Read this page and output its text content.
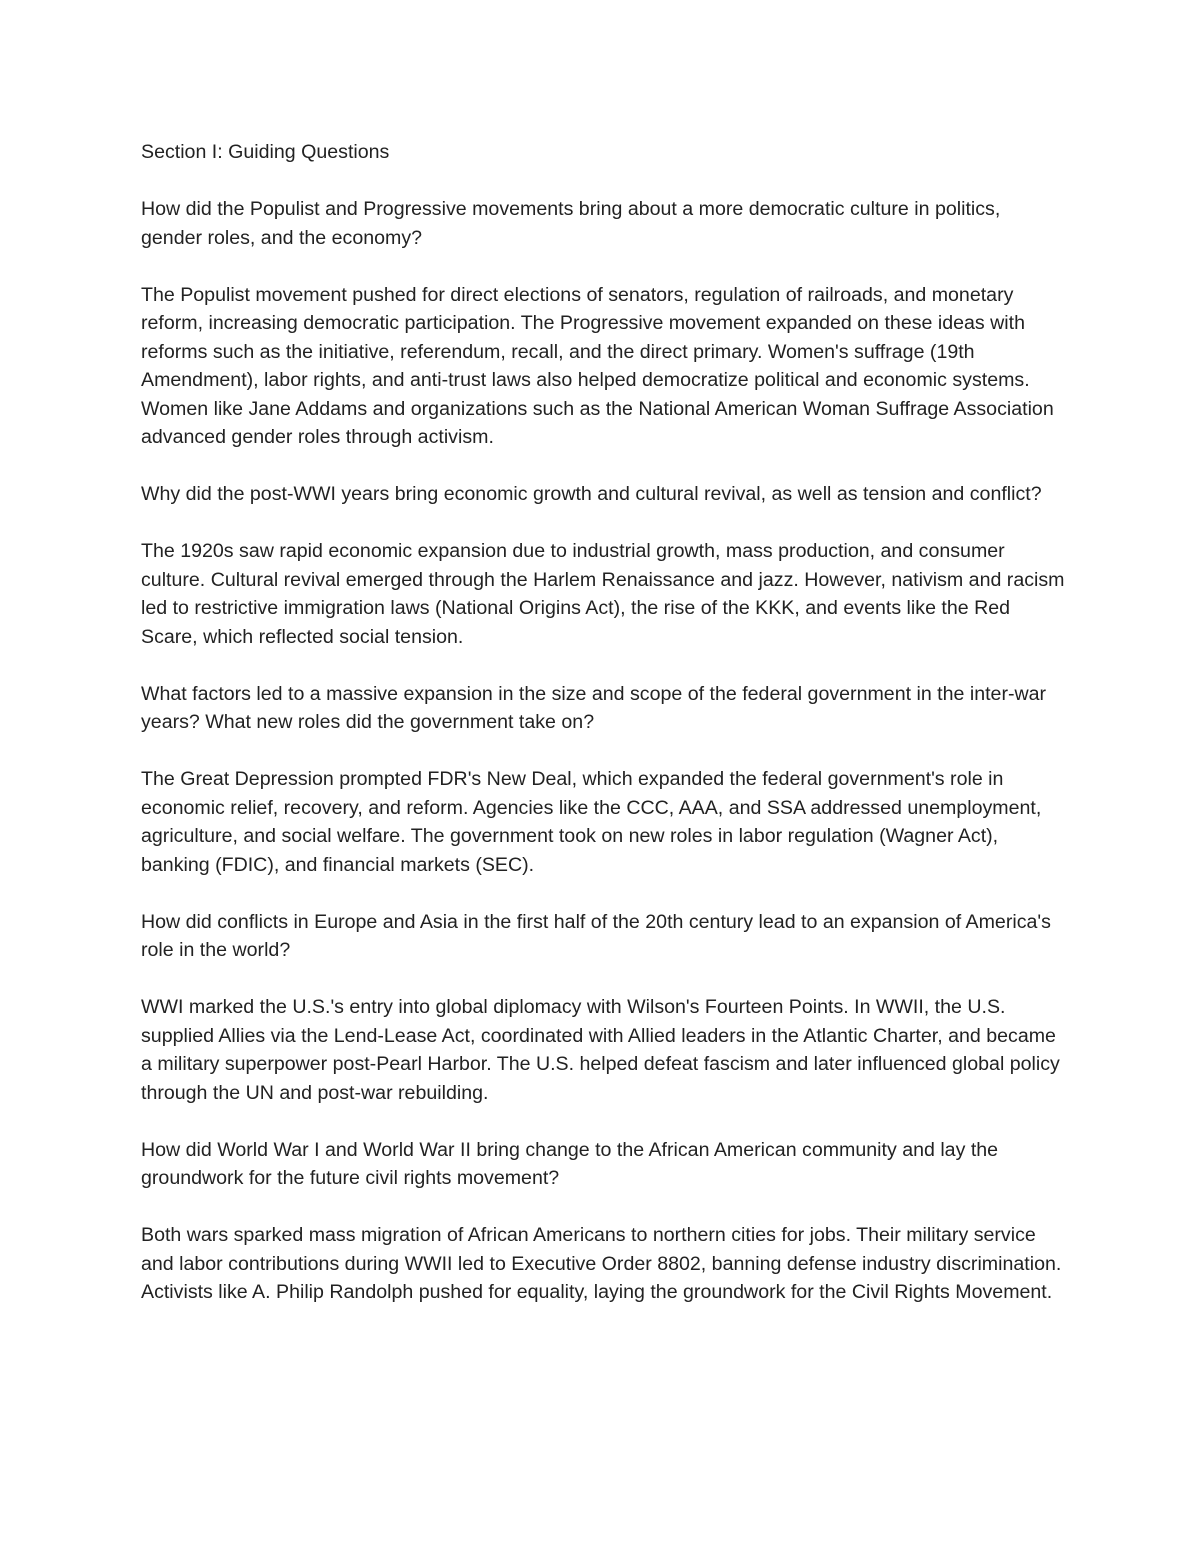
Section I: Guiding Questions

How did the Populist and Progressive movements bring about a more democratic culture in politics, gender roles, and the economy?

The Populist movement pushed for direct elections of senators, regulation of railroads, and monetary reform, increasing democratic participation. The Progressive movement expanded on these ideas with reforms such as the initiative, referendum, recall, and the direct primary. Women's suffrage (19th Amendment), labor rights, and anti-trust laws also helped democratize political and economic systems. Women like Jane Addams and organizations such as the National American Woman Suffrage Association advanced gender roles through activism.

Why did the post-WWI years bring economic growth and cultural revival, as well as tension and conflict?

The 1920s saw rapid economic expansion due to industrial growth, mass production, and consumer culture. Cultural revival emerged through the Harlem Renaissance and jazz. However, nativism and racism led to restrictive immigration laws (National Origins Act), the rise of the KKK, and events like the Red Scare, which reflected social tension.

What factors led to a massive expansion in the size and scope of the federal government in the inter-war years? What new roles did the government take on?

The Great Depression prompted FDR's New Deal, which expanded the federal government's role in economic relief, recovery, and reform. Agencies like the CCC, AAA, and SSA addressed unemployment, agriculture, and social welfare. The government took on new roles in labor regulation (Wagner Act), banking (FDIC), and financial markets (SEC).

How did conflicts in Europe and Asia in the first half of the 20th century lead to an expansion of America's role in the world?

WWI marked the U.S.'s entry into global diplomacy with Wilson's Fourteen Points. In WWII, the U.S. supplied Allies via the Lend-Lease Act, coordinated with Allied leaders in the Atlantic Charter, and became a military superpower post-Pearl Harbor. The U.S. helped defeat fascism and later influenced global policy through the UN and post-war rebuilding.

How did World War I and World War II bring change to the African American community and lay the groundwork for the future civil rights movement?

Both wars sparked mass migration of African Americans to northern cities for jobs. Their military service and labor contributions during WWII led to Executive Order 8802, banning defense industry discrimination. Activists like A. Philip Randolph pushed for equality, laying the groundwork for the Civil Rights Movement.
